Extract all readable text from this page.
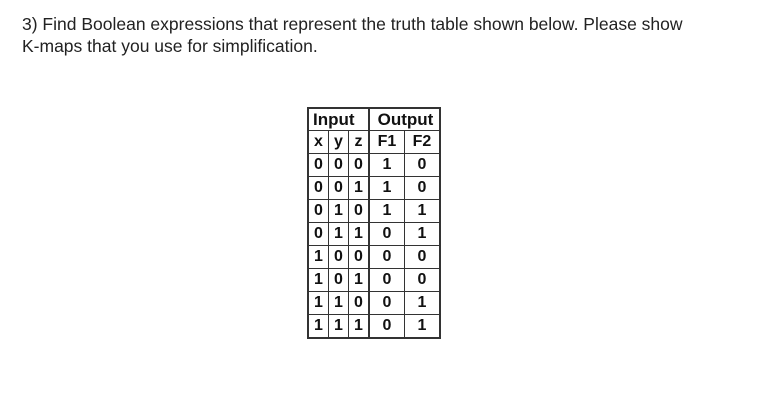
3) Find Boolean expressions that represent the truth table shown below. Please show
K-maps that you use for simplification.
Input			Output	
x	y	z	F1	F2
0	0	0	1	0
0	0	1	1	0
0	1	0	1	1
0	1	1	0	1
1	0	0	0	0
1	0	1	0	0
1	1	0	0	1
1	1	1	0	1
